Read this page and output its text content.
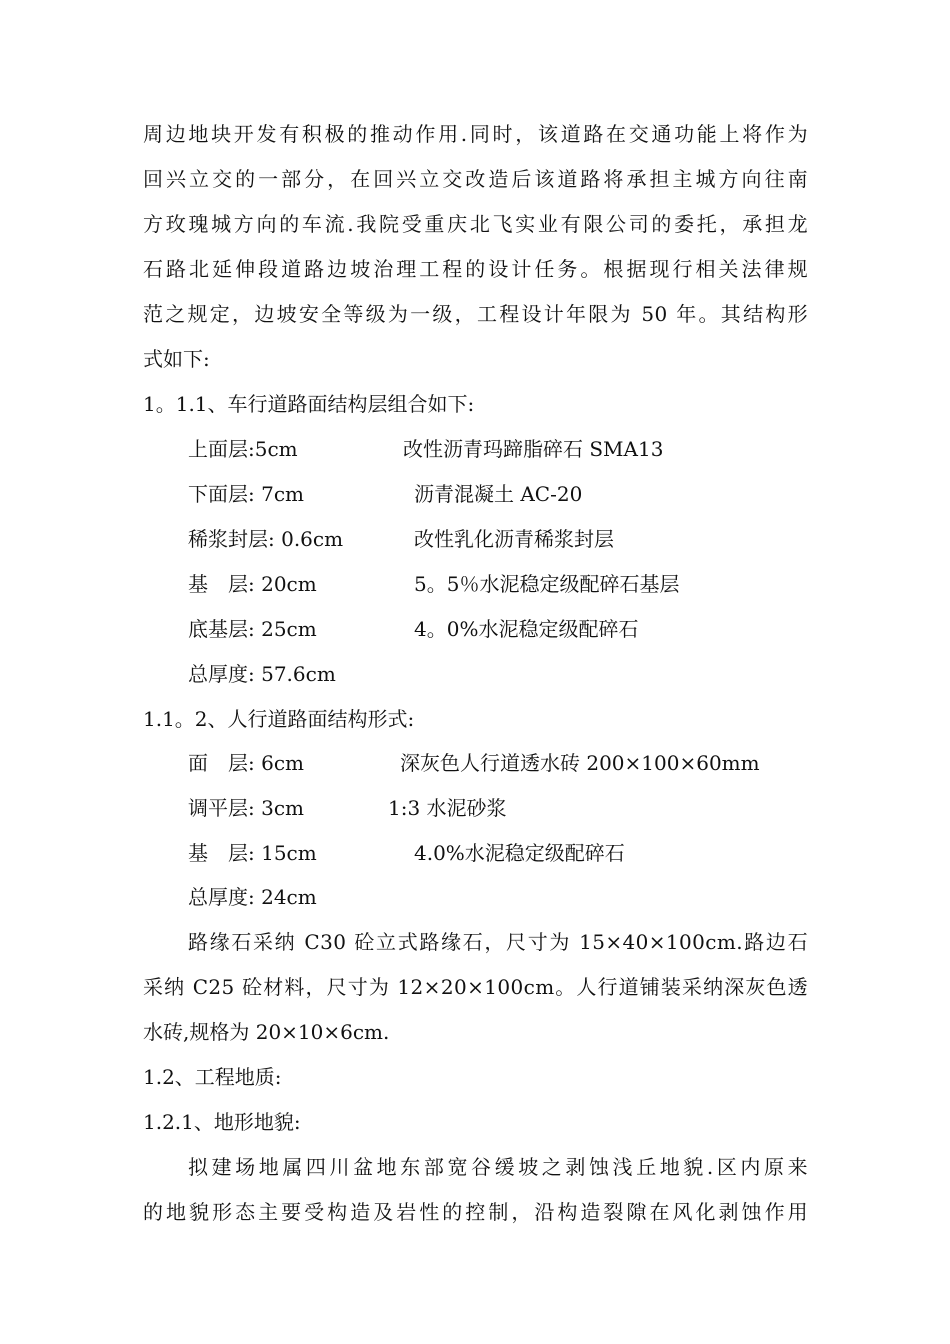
周边地块开发有积极的推动作用.同时，该道路在交通功能上将作为
回兴立交的一部分，在回兴立交改造后该道路将承担主城方向往南
方玫瑰城方向的车流.我院受重庆北飞实业有限公司的委托，承担龙
石路北延伸段道路边坡治理工程的设计任务。根据现行相关法律规
范之规定，边坡安全等级为一级，工程设计年限为 50 年。其结构形
式如下:
1。1.1、车行道路面结构层组合如下:
上面层:5cm	改性沥青玛蹄脂碎石 SMA13
下面层: 7cm	沥青混凝土 AC-20
稀浆封层: 0.6cm	改性乳化沥青稀浆封层
基　层: 20cm	5。5％水泥稳定级配碎石基层
底基层: 25cm	4。0%水泥稳定级配碎石
总厚度: 57.6cm
1.1。2、人行道路面结构形式:
面　层: 6cm	深灰色人行道透水砖 200×100×60mm
调平层: 3cm	1:3 水泥砂浆
基　层: 15cm	4.0%水泥稳定级配碎石
总厚度: 24cm
路缘石采纳 C30 砼立式路缘石，尺寸为 15×40×100cm.路边石
采纳 C25 砼材料，尺寸为 12×20×100cm。人行道铺装采纳深灰色透
水砖,规格为 20×10×6cm.
1.2、工程地质:
1.2.1、地形地貌:
拟建场地属四川盆地东部宽谷缓坡之剥蚀浅丘地貌.区内原来
的地貌形态主要受构造及岩性的控制，沿构造裂隙在风化剥蚀作用
